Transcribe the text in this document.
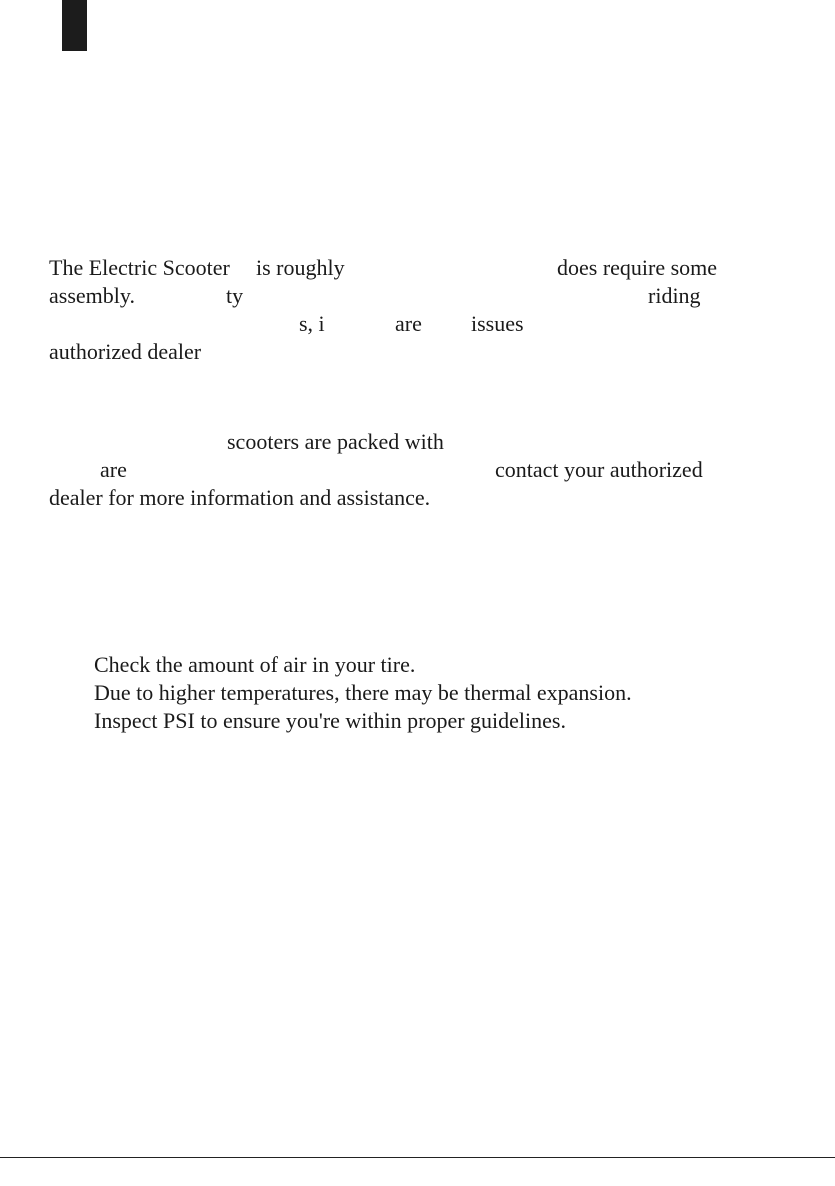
The Electric Scooter is roughly	does require some
assembly.	ty	riding
s, i	are issues
authorized dealer
scooters are packed with
are	contact your authorized
dealer for more information and assistance.
Check the amount of air in your tire.
Due to higher temperatures, there may be thermal expansion.
Inspect PSI to ensure you're within proper guidelines.
